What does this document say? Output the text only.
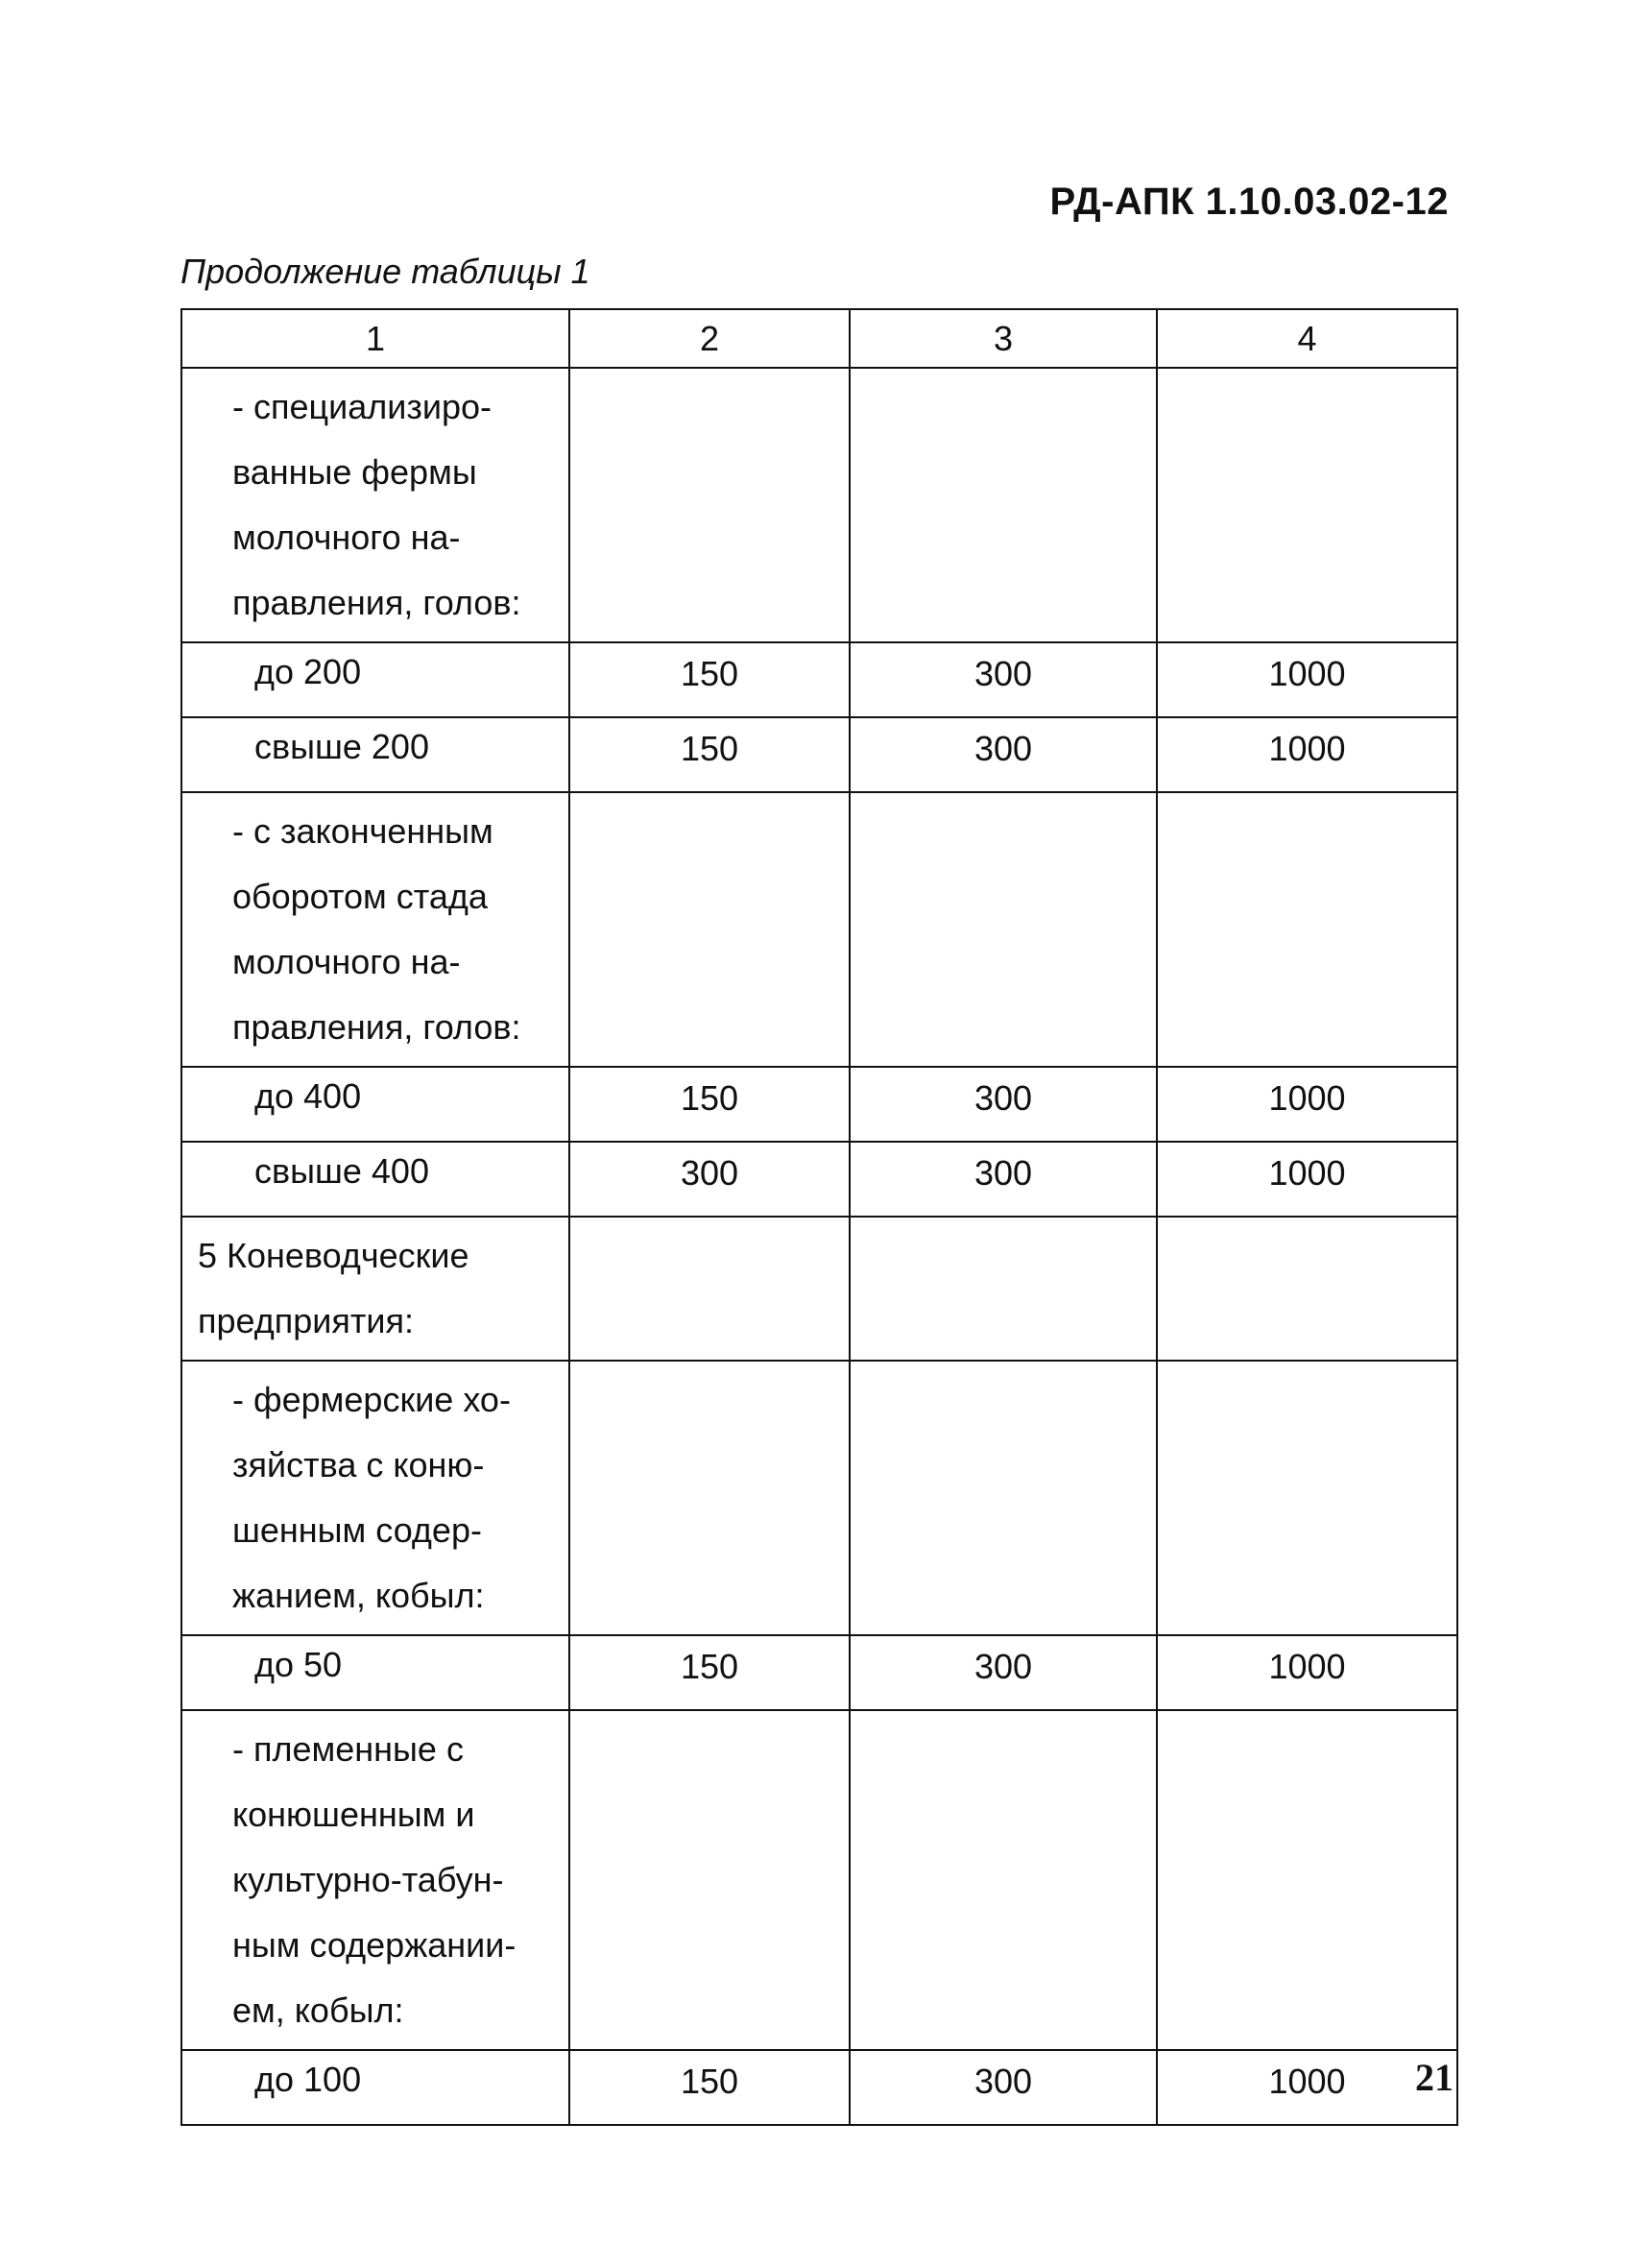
РД-АПК 1.10.03.02-12
Продолжение таблицы 1
1	2	3	4
- специализиро-
ванные фермы
молочного на-
правления, голов:			
до 200	150	300	1000
свыше 200	150	300	1000
- с законченным
оборотом стада
молочного на-
правления, голов:			
до 400	150	300	1000
свыше 400	300	300	1000
5 Коневодческие
предприятия:			
- фермерские хо-
зяйства с коню-
шенным содер-
жанием, кобыл:			
до 50	150	300	1000
- племенные с
конюшенным и
культурно-табун-
ным содержании-
ем, кобыл:			
до 100	150	300	1000 21
